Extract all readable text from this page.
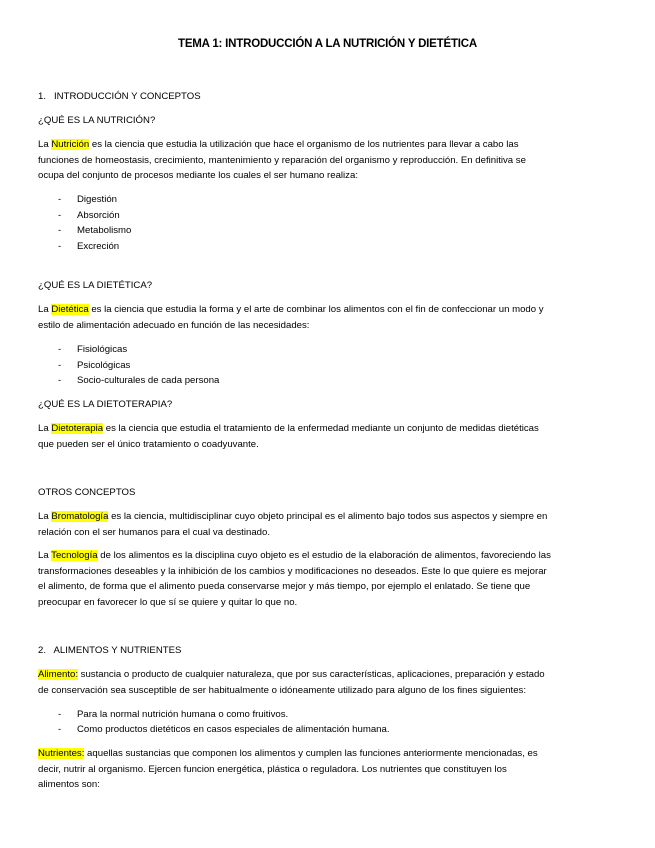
TEMA 1: INTRODUCCIÓN A LA NUTRICIÓN Y DIETÉTICA
1.   INTRODUCCIÓN Y CONCEPTOS
¿QUÉ ES LA NUTRICIÓN?
La Nutrición es la ciencia que estudia la utilización que hace el organismo de los nutrientes para llevar a cabo las
funciones de homeostasis, crecimiento, mantenimiento y reparación del organismo y reproducción. En definitiva se
ocupa del conjunto de procesos mediante los cuales el ser humano realiza:
- Digestión
- Absorción
- Metabolismo
- Excreción
¿QUÉ ES LA DIETÉTICA?
La Dietética es la ciencia que estudia la forma y el arte de combinar los alimentos con el fin de confeccionar un modo y
estilo de alimentación adecuado en función de las necesidades:
- Fisiológicas
- Psicológicas
- Socio-culturales de cada persona
¿QUÉ ES LA DIETOTERAPIA?
La Dietoterapia es la ciencia que estudia el tratamiento de la enfermedad mediante un conjunto de medidas dietéticas
que pueden ser el único tratamiento o coadyuvante.
OTROS CONCEPTOS
La Bromatología es la ciencia, multidisciplinar cuyo objeto principal es el alimento bajo todos sus aspectos y siempre en
relación con el ser humanos para el cual va destinado.
La Tecnología de los alimentos es la disciplina cuyo objeto es el estudio de la elaboración de alimentos, favoreciendo las
transformaciones deseables y la inhibición de los cambios y modificaciones no deseados. Este lo que quiere es mejorar
el alimento, de forma que el alimento pueda conservarse mejor y más tiempo, por ejemplo el enlatado. Se tiene que
preocupar en favorecer lo que sí se quiere y quitar lo que no.
2.   ALIMENTOS Y NUTRIENTES
Alimento: sustancia o producto de cualquier naturaleza, que por sus características, aplicaciones, preparación y estado
de conservación sea susceptible de ser habitualmente o idóneamente utilizado para alguno de los fines siguientes:
- Para la normal nutrición humana o como fruitivos.
- Como productos dietéticos en casos especiales de alimentación humana.
Nutrientes: aquellas sustancias que componen los alimentos y cumplen las funciones anteriormente mencionadas, es
decir, nutrir al organismo. Ejercen funcion energética, plástica o reguladora. Los nutrientes que constituyen los
alimentos son:
